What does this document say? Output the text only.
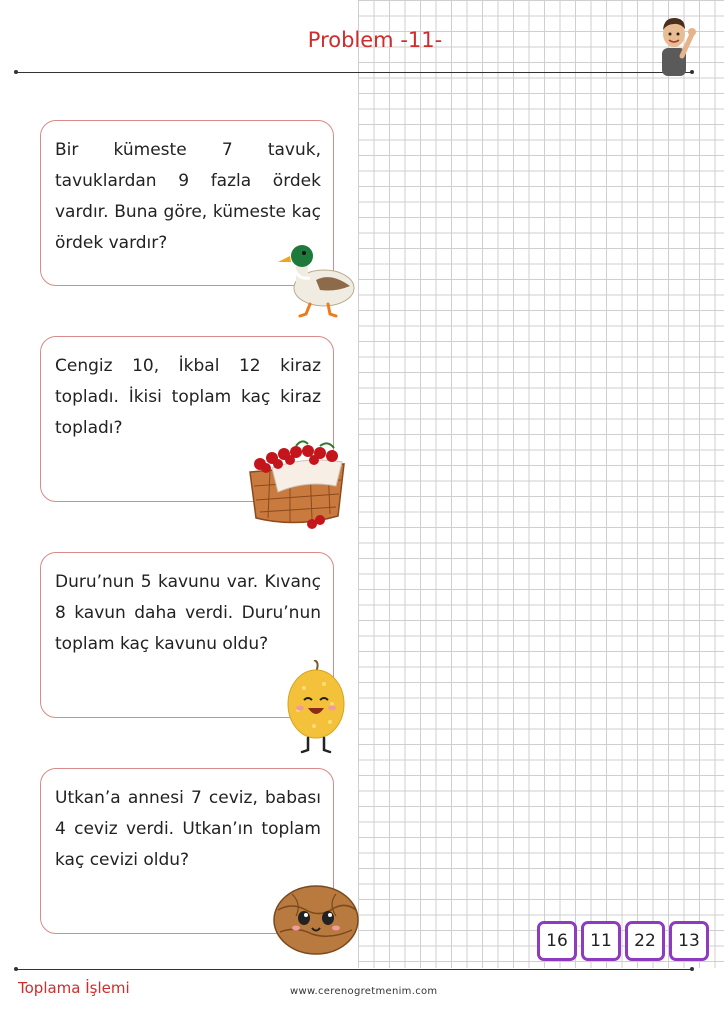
Problem -11-
Bir kümeste 7 tavuk, tavuklardan 9 fazla ördek vardır. Buna göre, kümeste kaç ördek vardır?
Cengiz 10, İkbal 12 kiraz topladı. İkisi toplam kaç kiraz topladı?
Duru’nun 5 kavunu var. Kıvanç 8 kavun daha verdi. Duru’nun toplam kaç kavunu oldu?
Utkan’a annesi 7 ceviz, babası 4 ceviz verdi. Utkan’ın toplam kaç cevizi oldu?
16	11	22	13
Toplama İşlemi	www.cerenogretmenim.com
